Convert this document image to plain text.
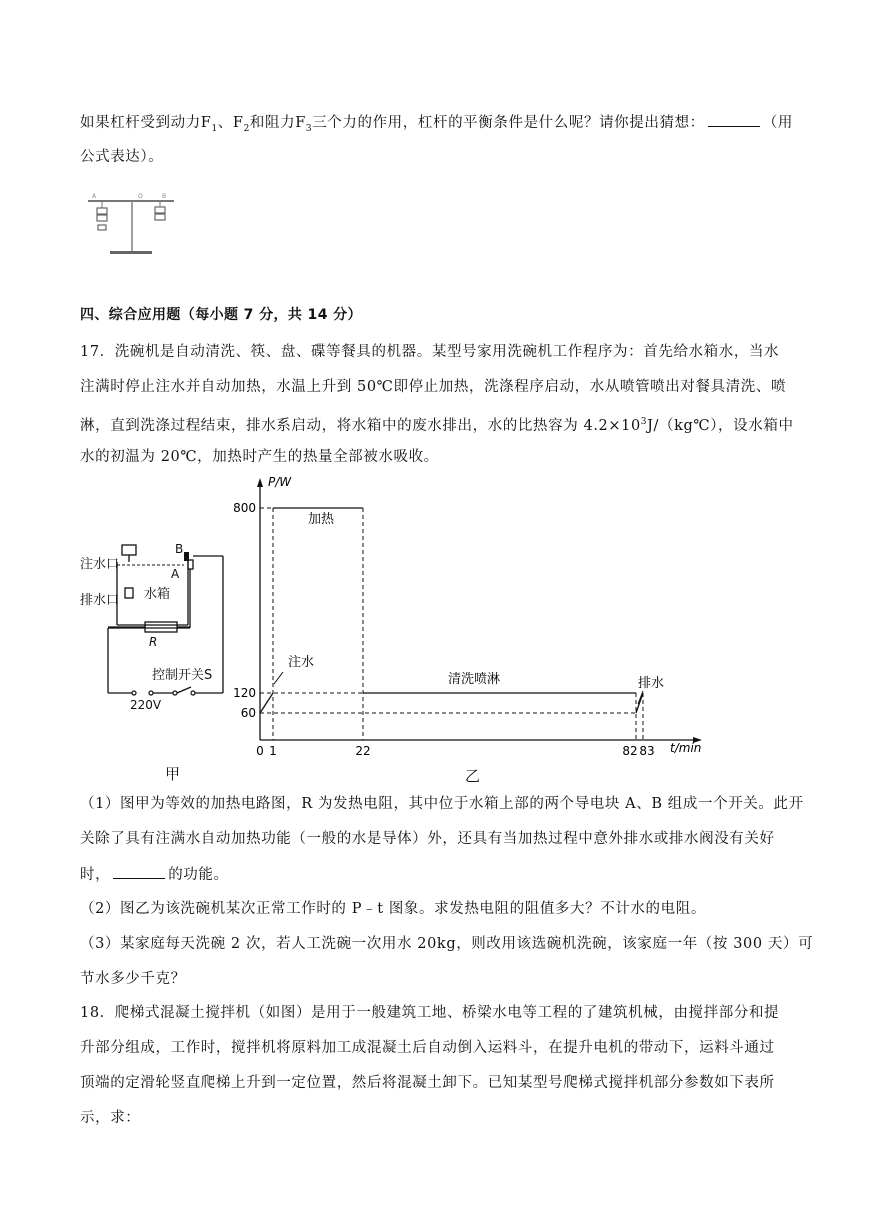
如果杠杆受到动力$F_1$、$F_2$和阻力$F_3$三个力的作用，杠杆的平衡条件是什么呢？请你提出猜想：	（用
公式表达）。
A	O	B
四、综合应用题（每小题 7 分，共 14 分）
17．洗碗机是自动清洗、筷、盘、碟等餐具的机器。某型号家用洗碗机工作程序为：首先给水箱水，当水
注满时停止注水并自动加热，水温上升到 50℃即停止加热，洗涤程序启动，水从喷管喷出对餐具清洗、喷
淋，直到洗涤过程结束，排水系启动，将水箱中的废水排出，水的比热容为 $4.2\times 10^3J/(kg℃)$，设水箱中
水的初温为 20℃，加热时产生的热量全部被水吸收。
注水口
排水口 水箱
B
A
R
控制开关S
220V
P/W
t/min
0 1	22	82 83
60
120
800
加热
注水
清洗喷淋	排水
甲	乙
（1）图甲为等效的加热电路图，R 为发热电阻，其中位于水箱上部的两个导电块 A、B 组成一个开关。此开
关除了具有注满水自动加热功能（一般的水是导体）外，还具有当加热过程中意外排水或排水阀没有关好
时，	的功能。
（2）图乙为该洗碗机某次正常工作时的 P﹣t 图象。求发热电阻的阻值多大？不计水的电阻。
（3）某家庭每天洗碗 2 次，若人工洗碗一次用水 20kg，则改用该选碗机洗碗，该家庭一年（按 300 天）可
节水多少千克？
18．爬梯式混凝土搅拌机（如图）是用于一般建筑工地、桥梁水电等工程的了建筑机械，由搅拌部分和提
升部分组成，工作时，搅拌机将原料加工成混凝土后自动倒入运料斗，在提升电机的带动下，运料斗通过
顶端的定滑轮竖直爬梯上升到一定位置，然后将混凝土卸下。已知某型号爬梯式搅拌机部分参数如下表所
示，求：
